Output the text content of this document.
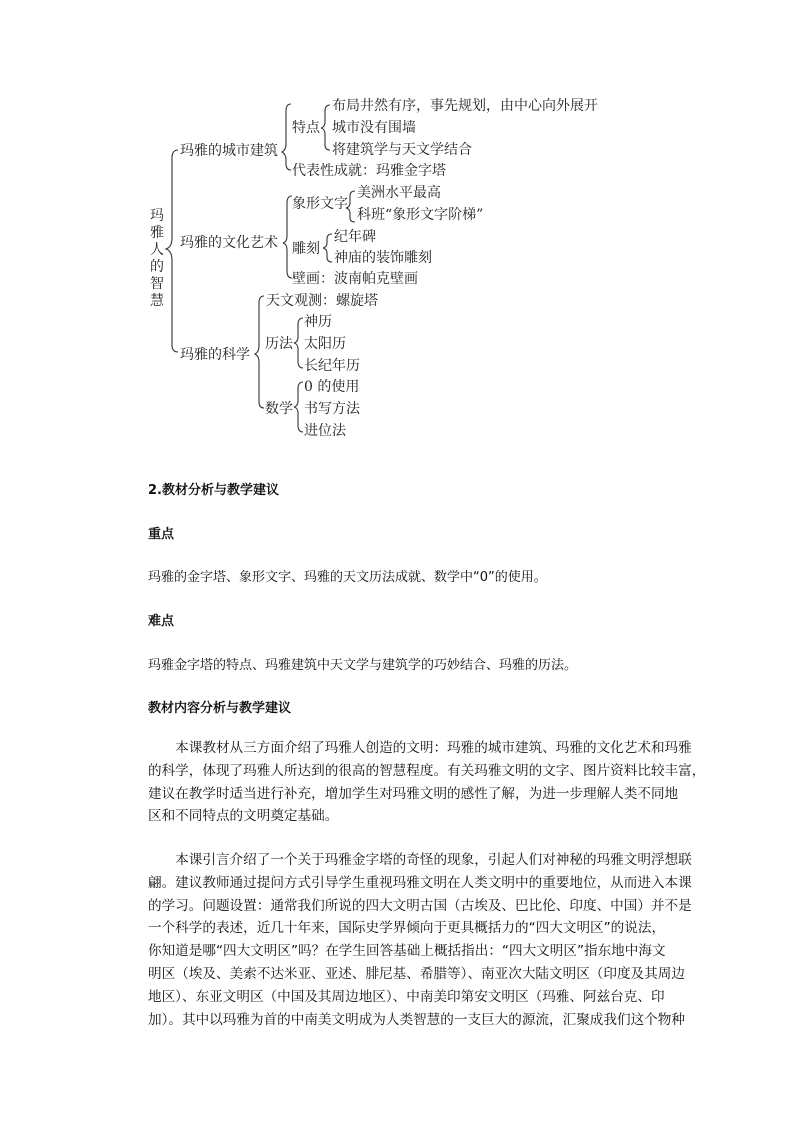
玛雅人的智慧
玛雅的城市建筑
特点
布局井然有序，事先规划，由中心向外展开
城市没有围墙
将建筑学与天文学结合
代表性成就：玛雅金字塔
玛雅的文化艺术
象形文字
美洲水平最高
科班“象形文字阶梯”
雕刻
纪年碑
神庙的装饰雕刻
壁画：波南帕克壁画
玛雅的科学
天文观测：螺旋塔
历法
神历
太阳历
长纪年历
数学
0 的使用
书写方法
进位法
2.教材分析与教学建议
重点
玛雅的金字塔、象形文字、玛雅的天文历法成就、数学中“0”的使用。
难点
玛雅金字塔的特点、玛雅建筑中天文学与建筑学的巧妙结合、玛雅的历法。
教材内容分析与教学建议
　　本课教材从三方面介绍了玛雅人创造的文明：玛雅的城市建筑、玛雅的文化艺术和玛雅
的科学，体现了玛雅人所达到的很高的智慧程度。有关玛雅文明的文字、图片资料比较丰富，
建议在教学时适当进行补充，增加学生对玛雅文明的感性了解，为进一步理解人类不同地
区和不同特点的文明奠定基础。
　　本课引言介绍了一个关于玛雅金字塔的奇怪的现象，引起人们对神秘的玛雅文明浮想联
翩。建议教师通过提问方式引导学生重视玛雅文明在人类文明中的重要地位，从而进入本课
的学习。问题设置：通常我们所说的四大文明古国（古埃及、巴比伦、印度、中国）并不是
一个科学的表述，近几十年来，国际史学界倾向于更具概括力的“四大文明区”的说法，
你知道是哪“四大文明区”吗？在学生回答基础上概括指出：“四大文明区”指东地中海文
明区（埃及、美索不达米亚、亚述、腓尼基、希腊等）、南亚次大陆文明区（印度及其周边
地区）、东亚文明区（中国及其周边地区）、中南美印第安文明区（玛雅、阿兹台克、印
加）。其中以玛雅为首的中南美文明成为人类智慧的一支巨大的源流，汇聚成我们这个物种
